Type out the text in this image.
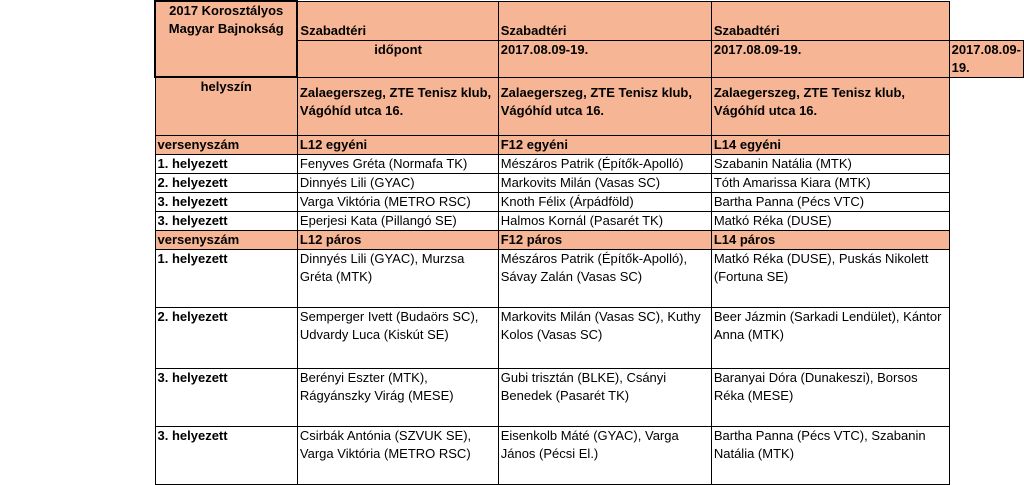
2017 Korosztályos
Magyar Bajnokság	Szabadtéri	Szabadtéri	Szabadtéri	
	időpont	2017.08.09-19.	2017.08.09-19.	2017.08.09-19.
helyszín	Zalaegerszeg, ZTE Tenisz klub, Vágóhíd utca 16.	Zalaegerszeg, ZTE Tenisz klub, Vágóhíd utca 16.	Zalaegerszeg, ZTE Tenisz klub, Vágóhíd utca 16.	
versenyszám	L12 egyéni	F12 egyéni	L14 egyéni	
1. helyezett	Fenyves Gréta (Normafa TK)	Mészáros Patrik (Építők-Apolló)	Szabanin Natália (MTK)	
2. helyezett	Dinnyés Lili (GYAC)	Markovits Milán (Vasas SC)	Tóth Amarissa Kiara (MTK)	
3. helyezett	Varga Viktória (METRO RSC)	Knoth Félix (Árpádföld)	Bartha Panna (Pécs VTC)	
3. helyezett	Eperjesi Kata (Pillangó SE)	Halmos Kornál (Pasarét TK)	Matkó Réka (DUSE)	
versenyszám	L12 páros	F12 páros	L14 páros	
1. helyezett	Dinnyés Lili (GYAC), Murzsa Gréta (MTK)	Mészáros Patrik (Építők-Apolló), Sávay Zalán (Vasas SC)	Matkó Réka (DUSE), Puskás Nikolett (Fortuna SE)	
2. helyezett	Semperger Ivett (Budaörs SC), Udvardy Luca (Kiskút SE)	Markovits Milán (Vasas SC), Kuthy Kolos (Vasas SC)	Beer Jázmin (Sarkadi Lendület), Kántor Anna (MTK)	
3. helyezett	Berényi Eszter (MTK), Rágyánszky Virág (MESE)	Gubi trisztán (BLKE), Csányi Benedek (Pasarét TK)	Baranyai Dóra (Dunakeszi), Borsos Réka (MESE)	
3. helyezett	Csirbák Antónia (SZVUK SE), Varga Viktória (METRO RSC)	Eisenkolb Máté (GYAC), Varga János (Pécsi El.)	Bartha Panna (Pécs VTC), Szabanin Natália (MTK)	
